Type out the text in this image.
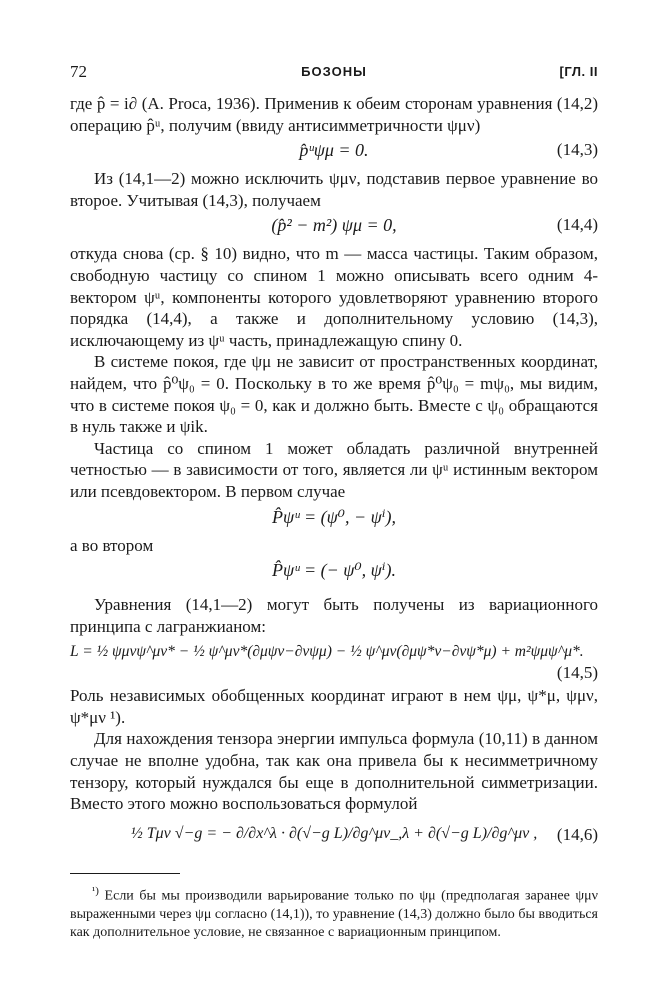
72	БОЗОНЫ	[ГЛ. II

где p̂ = i∂ (A. Proca, 1936). Применив к обеим сторонам уравнения (14,2) операцию p̂ᵘ, получим (ввиду антисимметричности ψμν)

p̂ᵘψμ = 0.	(14,3)

Из (14,1—2) можно исключить ψμν, подставив первое уравнение во второе. Учитывая (14,3), получаем

(p̂² − m²) ψμ = 0,	(14,4)

откуда снова (ср. § 10) видно, что m — масса частицы. Таким образом, свободную частицу со спином 1 можно описывать всего одним 4-вектором ψᵘ, компоненты которого удовлетворяют уравнению второго порядка (14,4), а также и дополнительному условию (14,3), исключающему из ψᵘ часть, принадлежащую спину 0.

В системе покоя, где ψμ не зависит от пространственных координат, найдем, что p̂⁰ψ₀ = 0. Поскольку в то же время p̂⁰ψ₀ = mψ₀, мы видим, что в системе покоя ψ₀ = 0, как и должно быть. Вместе с ψ₀ обращаются в нуль также и ψik.

Частица со спином 1 может обладать различной внутренней четностью — в зависимости от того, является ли ψᵘ истинным вектором или псевдовектором. В первом случае

P̂ψᵘ = (ψ⁰, − ψⁱ),

а во втором

P̂ψᵘ = (− ψ⁰, ψⁱ).

Уравнения (14,1—2) могут быть получены из вариационного принципа с лагранжианом:

L = ½ ψμνψ^μν* − ½ ψ^μν*(∂μψν−∂νψμ) − ½ ψ^μν(∂μψ*ν−∂νψ*μ) + m²ψμψ^μ*.
(14,5)

Роль независимых обобщенных координат играют в нем ψμ, ψ*μ, ψμν, ψ*μν ¹).

Для нахождения тензора энергии импульса формула (10,11) в данном случае не вполне удобна, так как она привела бы к несимметричному тензору, который нуждался бы еще в дополнительной симметризации. Вместо этого можно воспользоваться формулой

½ Tμν √−g = − ∂/∂x^λ · ∂(√−g L)/∂g^μν_,λ + ∂(√−g L)/∂g^μν ,	(14,6)

$^{^1)}$ Если бы мы производили варьирование только по ψμ (предполагая заранее ψμν выраженными через ψμ согласно (14,1)), то уравнение (14,3) должно было бы вводиться как дополнительное условие, не связанное с вариационным принципом.
